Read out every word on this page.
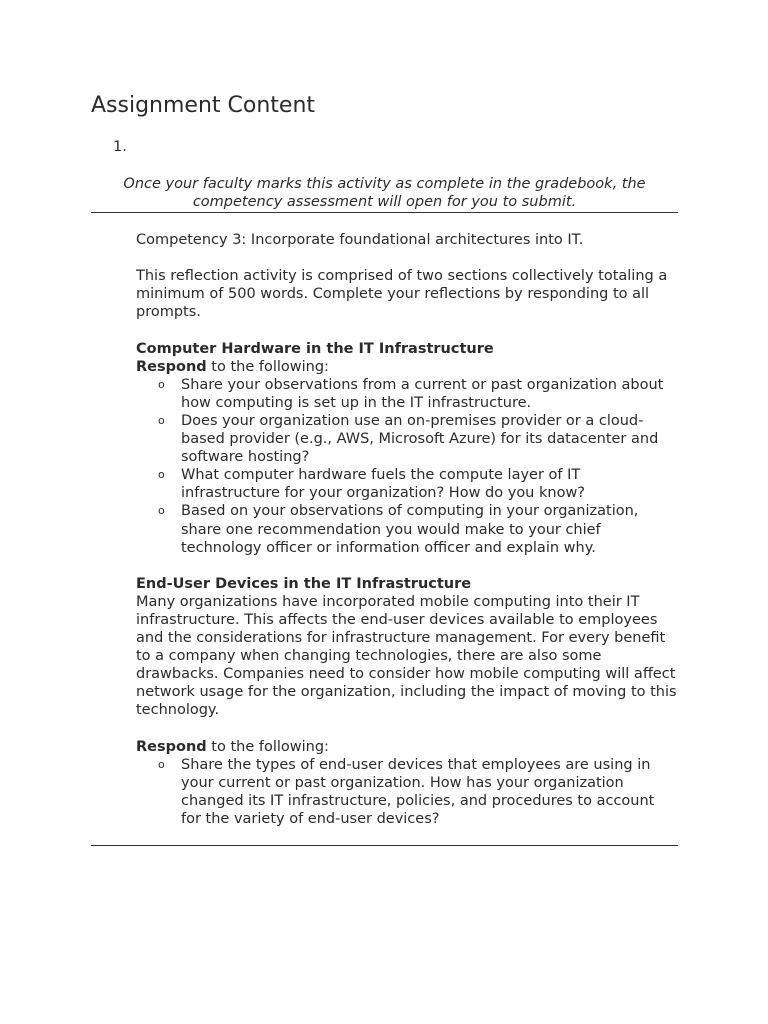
Assignment Content
1.
Once your faculty marks this activity as complete in the gradebook, the competency assessment will open for you to submit.

Competency 3: Incorporate foundational architectures into IT.

This reflection activity is comprised of two sections collectively totaling a minimum of 500 words. Complete your reflections by responding to all prompts.

Computer Hardware in the IT Infrastructure

Respond to the following:

o Share your observations from a current or past organization about how computing is set up in the IT infrastructure.
o Does your organization use an on-premises provider or a cloud-based provider (e.g., AWS, Microsoft Azure) for its datacenter and software hosting?
o What computer hardware fuels the compute layer of IT infrastructure for your organization? How do you know?
o Based on your observations of computing in your organization, share one recommendation you would make to your chief technology officer or information officer and explain why.

End-User Devices in the IT Infrastructure

Many organizations have incorporated mobile computing into their IT infrastructure. This affects the end-user devices available to employees and the considerations for infrastructure management. For every benefit to a company when changing technologies, there are also some drawbacks. Companies need to consider how mobile computing will affect network usage for the organization, including the impact of moving to this technology.

Respond to the following:

o Share the types of end-user devices that employees are using in your current or past organization. How has your organization changed its IT infrastructure, policies, and procedures to account for the variety of end-user devices?
